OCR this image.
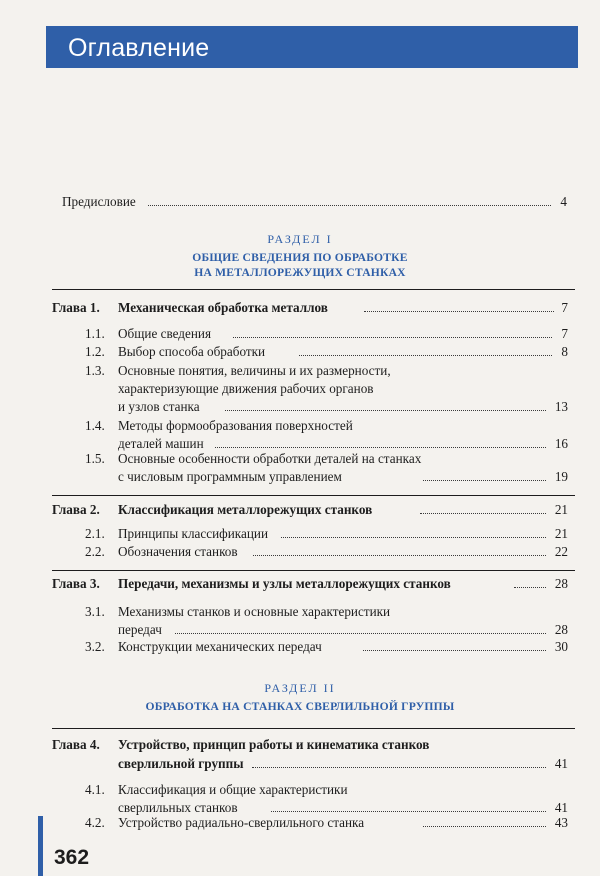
Оглавление
Предисловие	4
РАЗДЕЛ I
ОБЩИЕ СВЕДЕНИЯ ПО ОБРАБОТКЕ
НА МЕТАЛЛОРЕЖУЩИХ СТАНКАХ
Глава 1. Механическая обработка металлов	7
1.1. Общие сведения	7
1.2. Выбор способа обработки	8
1.3. Основные понятия, величины и их размерности,
характеризующие движения рабочих органов
и узлов станка	13
1.4. Методы формообразования поверхностей
деталей машин	16
1.5. Основные особенности обработки деталей на станках
с числовым программным управлением	19
Глава 2. Классификация металлорежущих станков	21
2.1. Принципы классификации	21
2.2. Обозначения станков	22
Глава 3. Передачи, механизмы и узлы металлорежущих станков	28
3.1. Механизмы станков и основные характеристики
передач	28
3.2. Конструкции механических передач	30
РАЗДЕЛ II
ОБРАБОТКА НА СТАНКАХ СВЕРЛИЛЬНОЙ ГРУППЫ
Глава 4. Устройство, принцип работы и кинематика станков
сверлильной группы	41
4.1. Классификация и общие характеристики
сверлильных станков	41
4.2. Устройство радиально-сверлильного станка	43
362
